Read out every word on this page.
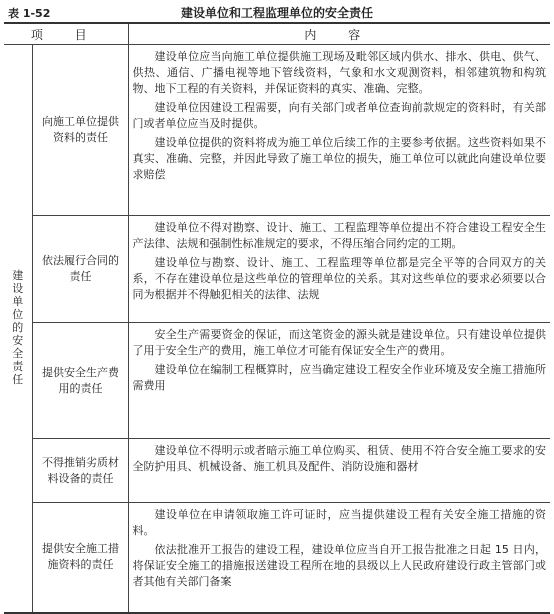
表 1-52	建设单位和工程监理单位的安全责任
项 目		内 容
建设单位的安全责任	向施工单位提供资料的责任	建设单位应当向施工单位提供施工现场及毗邻区域内供水、排水、供电、供气、供热、通信、广播电视等地下管线资料，气象和水文观测资料，相邻建筑物和构筑物、地下工程的有关资料，并保证资料的真实、准确、完整。

建设单位因建设工程需要，向有关部门或者单位查询前款规定的资料时，有关部门或者单位应当及时提供。

建设单位提供的资料将成为施工单位后续工作的主要参考依据。这些资料如果不真实、准确、完整，并因此导致了施工单位的损失，施工单位可以就此向建设单位要求赔偿

	依法履行合同的责任	建设单位不得对勘察、设计、施工、工程监理等单位提出不符合建设工程安全生产法律、法规和强制性标准规定的要求，不得压缩合同约定的工期。

建设单位与勘察、设计、施工、工程监理等单位都是完全平等的合同双方的关系，不存在建设单位是这些单位的管理单位的关系。其对这些单位的要求必须要以合同为根据并不得触犯相关的法律、法规

	提供安全生产费用的责任	安全生产需要资金的保证，而这笔资金的源头就是建设单位。只有建设单位提供了用于安全生产的费用，施工单位才可能有保证安全生产的费用。

建设单位在编制工程概算时，应当确定建设工程安全作业环境及安全施工措施所需费用

	不得推销劣质材料设备的责任	建设单位不得明示或者暗示施工单位购买、租赁、使用不符合安全施工要求的安全防护用具、机械设备、施工机具及配件、消防设施和器材

	提供安全施工措施资料的责任	建设单位在申请领取施工许可证时，应当提供建设工程有关安全施工措施的资料。

依法批准开工报告的建设工程，建设单位应当自开工报告批准之日起 15 日内，将保证安全施工的措施报送建设工程所在地的县级以上人民政府建设行政主管部门或者其他有关部门备案
